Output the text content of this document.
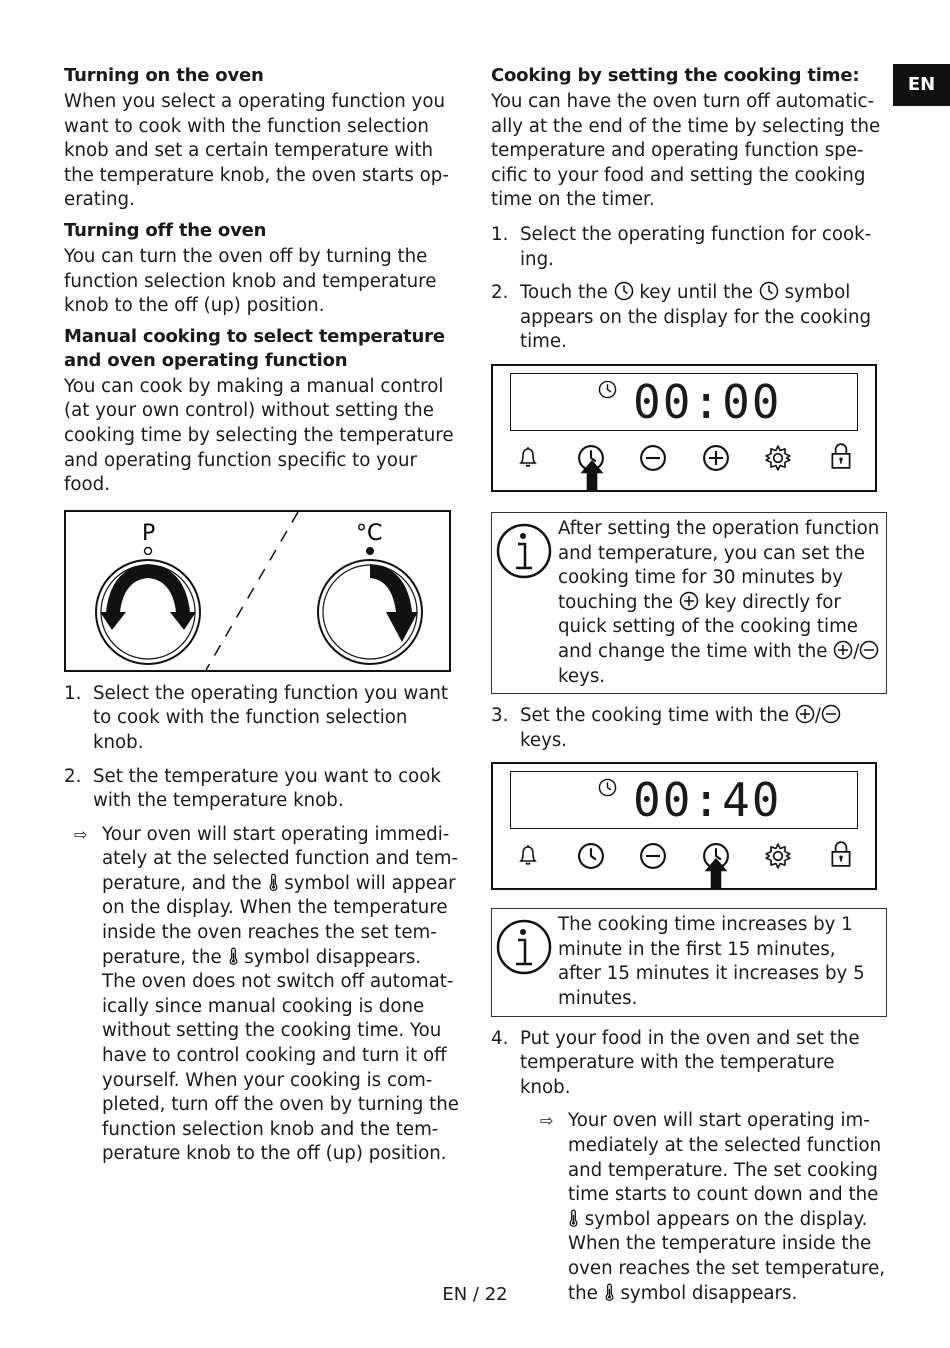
EN
Turning on the oven

When you select a operating function you want to cook with the function selection knob and set a certain temperature with the temperature knob, the oven starts op-erating.

Turning off the oven

You can turn the oven off by turning the function selection knob and temperature knob to the off (up) position.

Manual cooking to select temperature and oven operating function

You can cook by making a manual control (at your own control) without setting the cooking time by selecting the temperature and operating function specific to your food.

P	°C
1. Select the operating function you want to cook with the function selection knob.
2. Set the temperature you want to cook with the temperature knob.
⇨ Your oven will start operating immedi-ately at the selected function and tem-perature, and the symbol will appear on the display. When the temperature inside the oven reaches the set tem-perature, the symbol disappears. The oven does not switch off automat-ically since manual cooking is done without setting the cooking time. You have to control cooking and turn it off yourself. When your cooking is com-pleted, turn off the oven by turning the function selection knob and the tem-perature knob to the off (up) position.
Cooking by setting the cooking time:

You can have the oven turn off automatic-ally at the end of the time by selecting the temperature and operating function spe-cific to your food and setting the cooking time on the timer.

1. Select the operating function for cook-ing.
2. Touch the key until the symbol appears on the display for the cooking time.
00:00
After setting the operation function and temperature, you can set the cooking time for 30 minutes by touching the key directly for quick setting of the cooking time and change the time with the /
keys.
3. Set the cooking time with the /
keys.
00:40
The cooking time increases by 1 minute in the first 15 minutes, after 15 minutes it increases by 5 minutes.
4. Put your food in the oven and set the temperature with the temperature knob.
⇨ Your oven will start operating im-mediately at the selected function and temperature. The set cooking time starts to count down and the
symbol appears on the display. When the temperature inside the oven reaches the set temperature, the symbol disappears.
EN / 22
